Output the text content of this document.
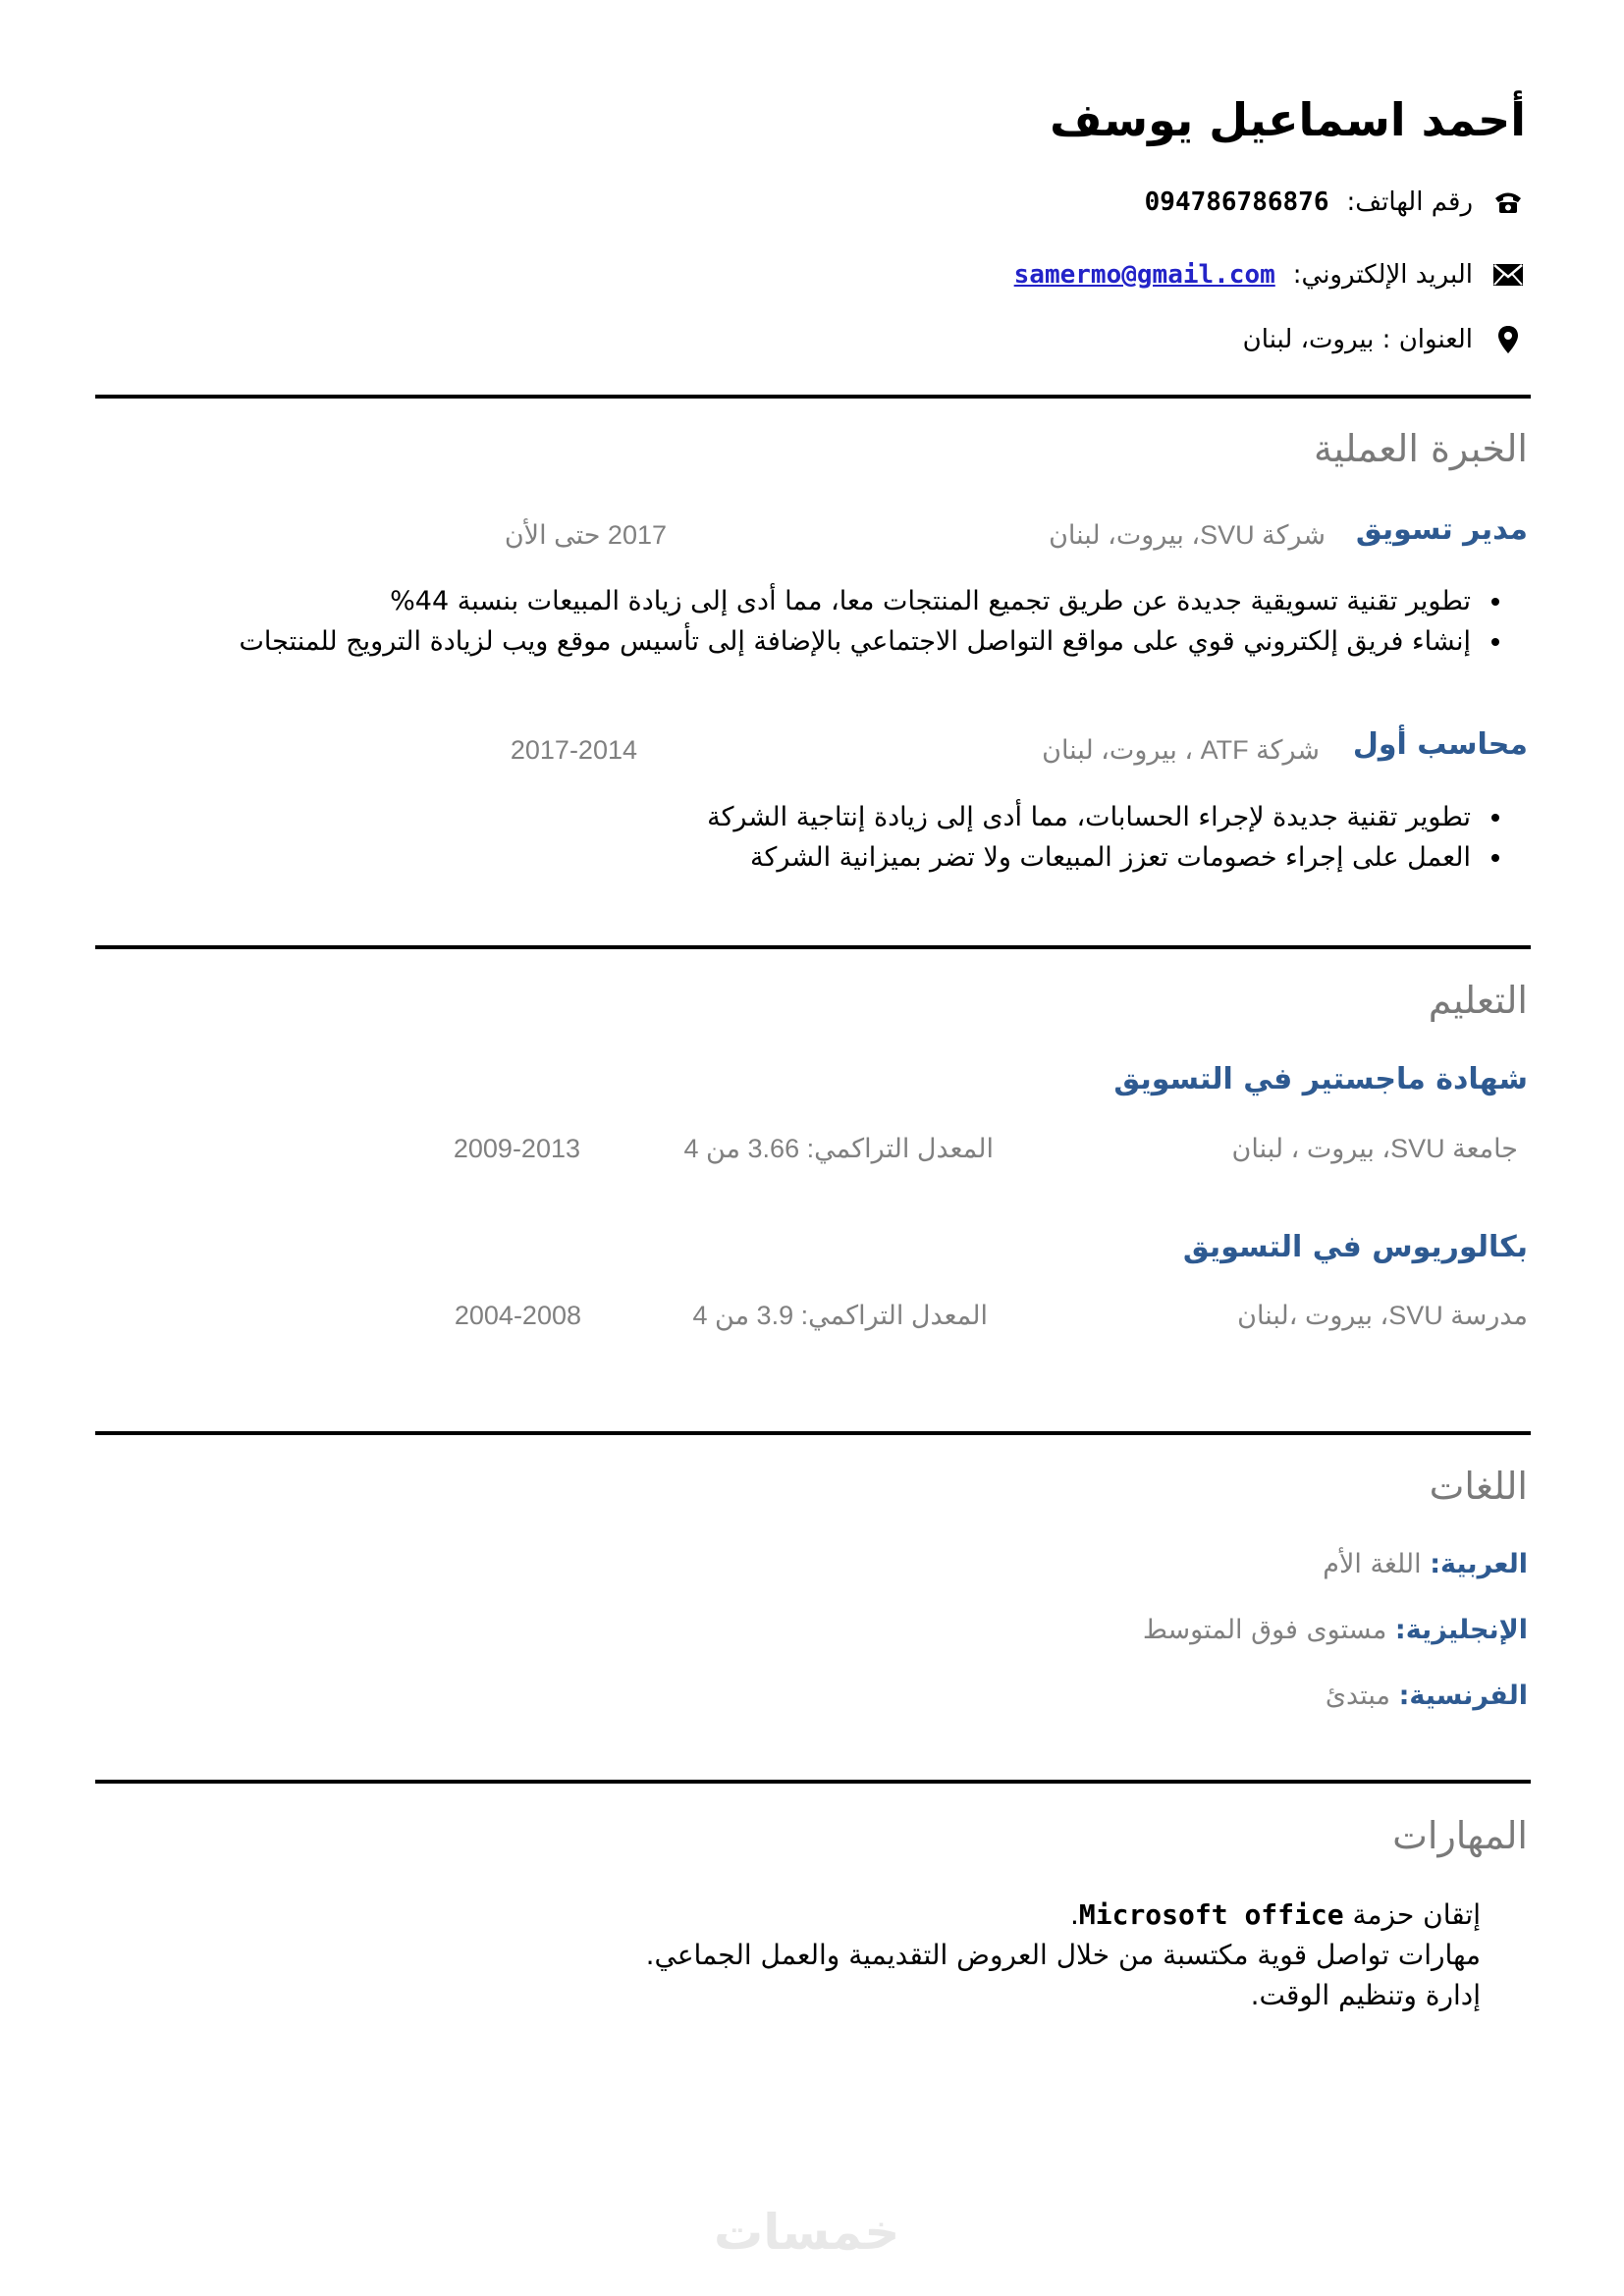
أحمد اسماعيل يوسف
رقم الهاتف:
094786786876
البريد الإلكتروني:
samermo@gmail.com
العنوان : بيروت، لبنان
الخبرة العملية
مدير تسويق
شركة SVU، بيروت، لبنان
2017 حتى الأن
• تطوير تقنية تسويقية جديدة عن طريق تجميع المنتجات معا، مما أدى إلى زيادة المبيعات بنسبة 44%
• إنشاء فريق إلكتروني قوي على مواقع التواصل الاجتماعي بالإضافة إلى تأسيس موقع ويب لزيادة الترويج للمنتجات
محاسب أول
شركة ATF ، بيروت، لبنان
2017-2014
• تطوير تقنية جديدة لإجراء الحسابات، مما أدى إلى زيادة إنتاجية الشركة
• العمل على إجراء خصومات تعزز المبيعات ولا تضر بميزانية الشركة
التعليم
شهادة ماجستير في التسويق
جامعة SVU، بيروت ، لبنان
المعدل التراكمي: 3.66 من 4
2009-2013
بكالوريوس في التسويق
مدرسة SVU، بيروت ،لبنان
المعدل التراكمي: 3.9 من 4
2004-2008
اللغات
العربية: اللغة الأم
الإنجليزية: مستوى فوق المتوسط
الفرنسية: مبتدئ
المهارات
إتقان حزمة Microsoft office.
مهارات تواصل قوية مكتسبة من خلال العروض التقديمية والعمل الجماعي.
إدارة وتنظيم الوقت.
خمسات
